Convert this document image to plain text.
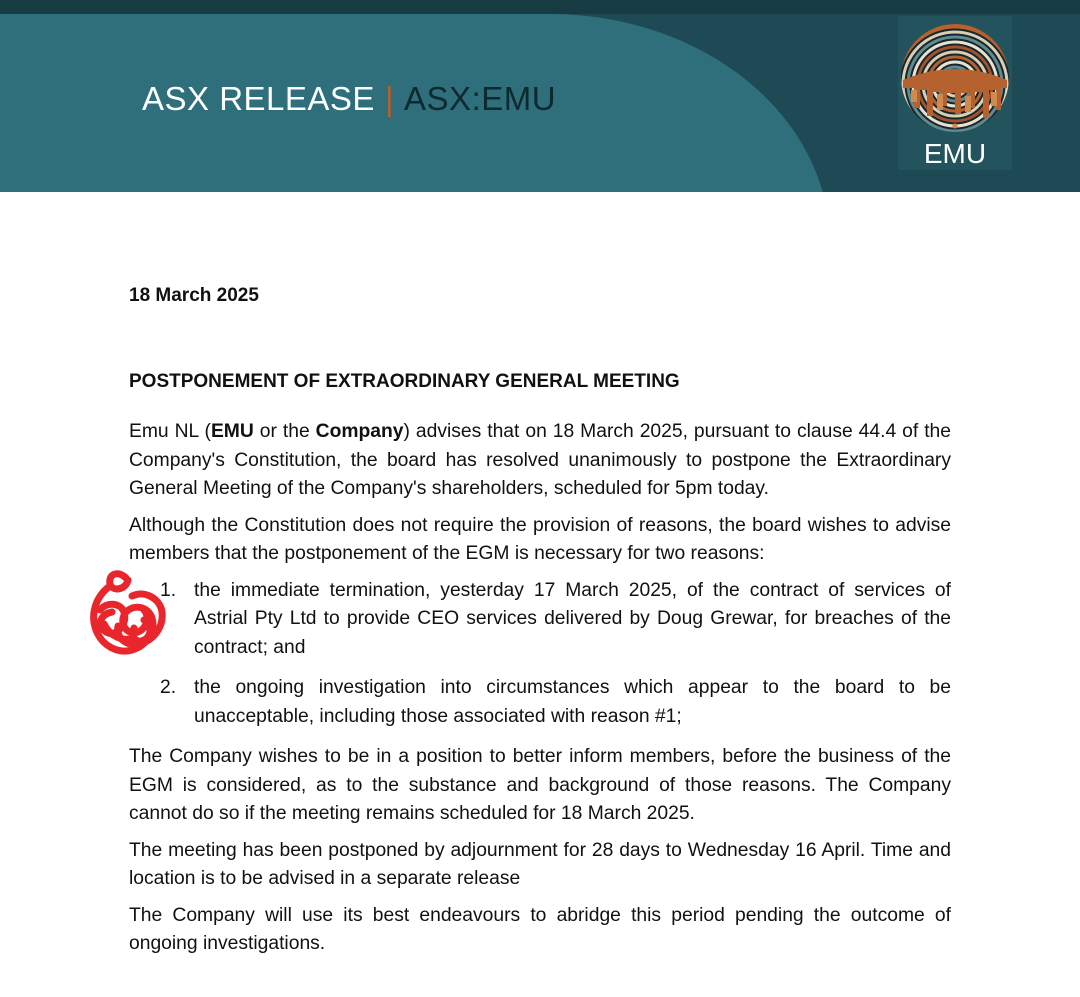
ASX RELEASE | ASX:EMU
EMU

18 March 2025

POSTPONEMENT OF EXTRAORDINARY GENERAL MEETING

Emu NL (EMU or the Company) advises that on 18 March 2025, pursuant to clause 44.4 of the Company's Constitution, the board has resolved unanimously to postpone the Extraordinary General Meeting of the Company's shareholders, scheduled for 5pm today.

Although the Constitution does not require the provision of reasons, the board wishes to advise members that the postponement of the EGM is necessary for two reasons:

1. the immediate termination, yesterday 17 March 2025, of the contract of services of Astrial Pty Ltd to provide CEO services delivered by Doug Grewar, for breaches of the contract; and
2. the ongoing investigation into circumstances which appear to the board to be unacceptable, including those associated with reason #1;

The Company wishes to be in a position to better inform members, before the business of the EGM is considered, as to the substance and background of those reasons. The Company cannot do so if the meeting remains scheduled for 18 March 2025.

The meeting has been postponed by adjournment for 28 days to Wednesday 16 April. Time and location is to be advised in a separate release

The Company will use its best endeavours to abridge this period pending the outcome of ongoing investigations.
